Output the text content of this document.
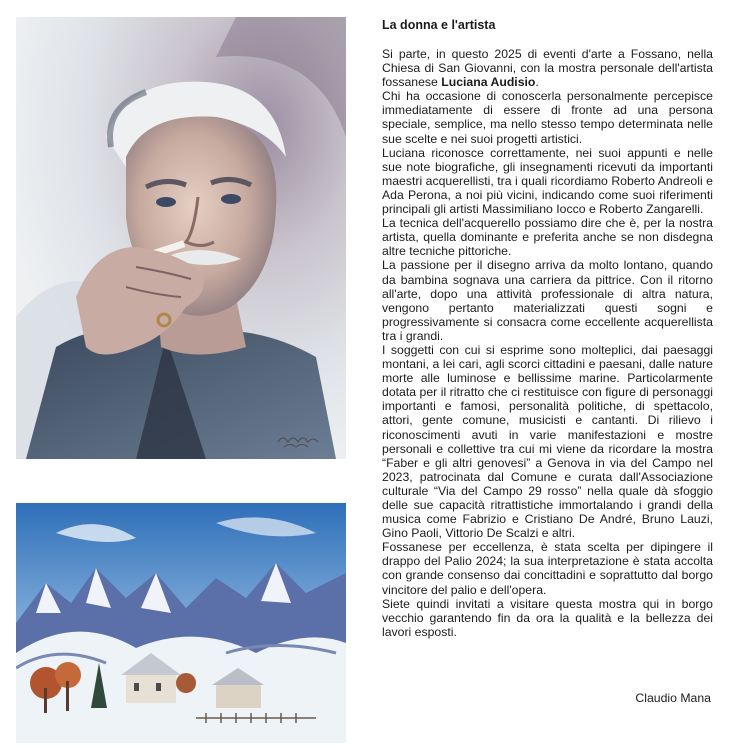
La donna e l'artista

Si parte, in questo 2025 di eventi d'arte a Fossano, nella Chiesa di San Giovanni, con la mostra personale dell'artista fossanese Luciana Audisio.

Chi ha occasione di conoscerla personalmente percepisce immediatamente di essere di fronte ad una persona speciale, semplice, ma nello stesso tempo determinata nelle sue scelte e nei suoi progetti artistici.

Luciana riconosce correttamente, nei suoi appunti e nelle sue note biografiche, gli insegnamenti ricevuti da importanti maestri acquerellisti, tra i quali ricordiamo Roberto Andreoli e Ada Perona, a noi più vicini, indicando come suoi riferimenti principali gli artisti Massimiliano Iocco e Roberto Zangarelli.

La tecnica dell'acquerello possiamo dire che è, per la nostra artista, quella dominante e preferita anche se non disdegna altre tecniche pittoriche.

La passione per il disegno arriva da molto lontano, quando da bambina sognava una carriera da pittrice. Con il ritorno all'arte, dopo una attività professionale di altra natura, vengono pertanto materializzati questi sogni e progressivamente si consacra come eccellente acquerellista tra i grandi.

I soggetti con cui si esprime sono molteplici, dai paesaggi montani, a lei cari, agli scorci cittadini e paesani, dalle nature morte alle luminose e bellissime marine. Particolarmente dotata per il ritratto che ci restituisce con figure di personaggi importanti e famosi, personalità politiche, di spettacolo, attori, gente comune, musicisti e cantanti. Di rilievo i riconoscimenti avuti in varie manifestazioni e mostre personali e collettive tra cui mi viene da ricordare la mostra “Faber e gli altri genovesi” a Genova in via del Campo nel 2023, patrocinata dal Comune e curata dall'Associazione culturale “Via del Campo 29 rosso” nella quale dà sfoggio delle sue capacità ritrattistiche immortalando i grandi della musica come Fabrizio e Cristiano De André, Bruno Lauzi, Gino Paoli, Vittorio De Scalzi e altri.

Fossanese per eccellenza, è stata scelta per dipingere il drappo del Palio 2024; la sua interpretazione è stata accolta con grande consenso dai concittadini e soprattutto dal borgo vincitore del palio e dell'opera.

Siete quindi invitati a visitare questa mostra qui in borgo vecchio garantendo fin da ora la qualità e la bellezza dei lavori esposti.

Claudio Mana
